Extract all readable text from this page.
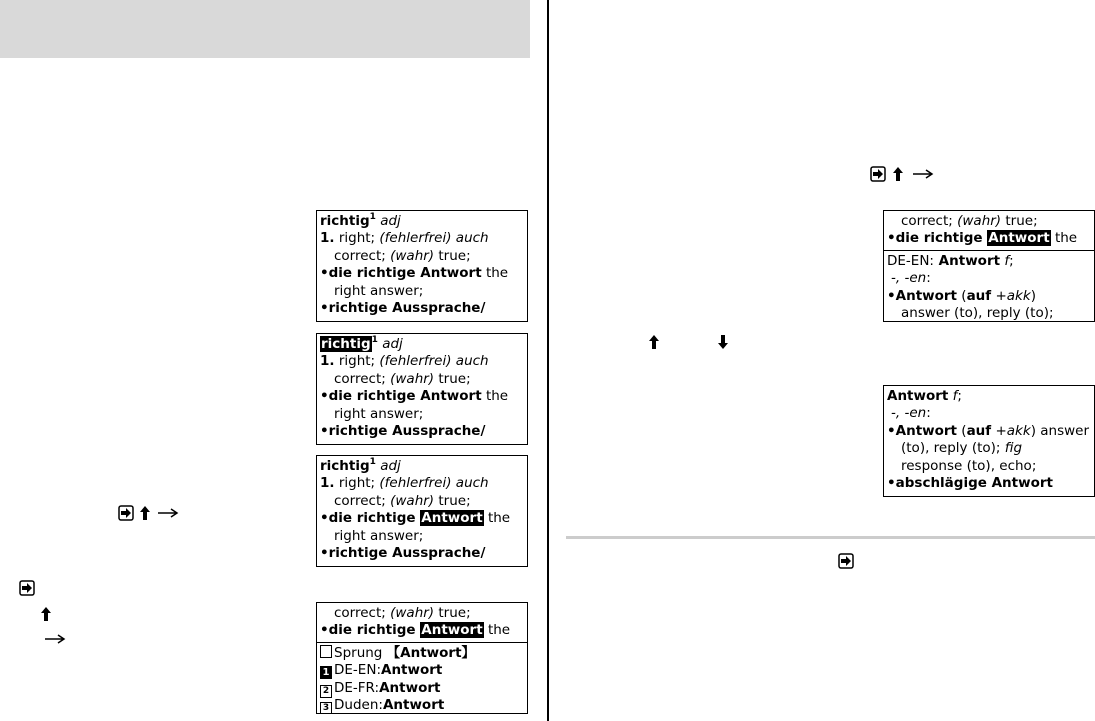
richtig$^1$ adj
1. right; (fehlerfrei) auch
correct; (wahr) true;
•die richtige Antwort the
right answer;
•richtige Aussprache/
richtig$^1$ adj
1. right; (fehlerfrei) auch
correct; (wahr) true;
•die richtige Antwort the
right answer;
•richtige Aussprache/
richtig$^1$ adj
1. right; (fehlerfrei) auch
correct; (wahr) true;
•die richtige Antwort the
right answer;
•richtige Aussprache/
correct; (wahr) true;
•die richtige Antwort the
Sprung 【Antwort】
1 DE-EN:Antwort
2 DE-FR:Antwort
3 Duden:Antwort
correct; (wahr) true;
•die richtige Antwort the
DE-EN: Antwort f;
-, -en:
•Antwort (auf +akk)
answer (to), reply (to);
Antwort f;
-, -en:
•Antwort (auf +akk) answer
(to), reply (to); fig
response (to), echo;
•abschlägige Antwort
